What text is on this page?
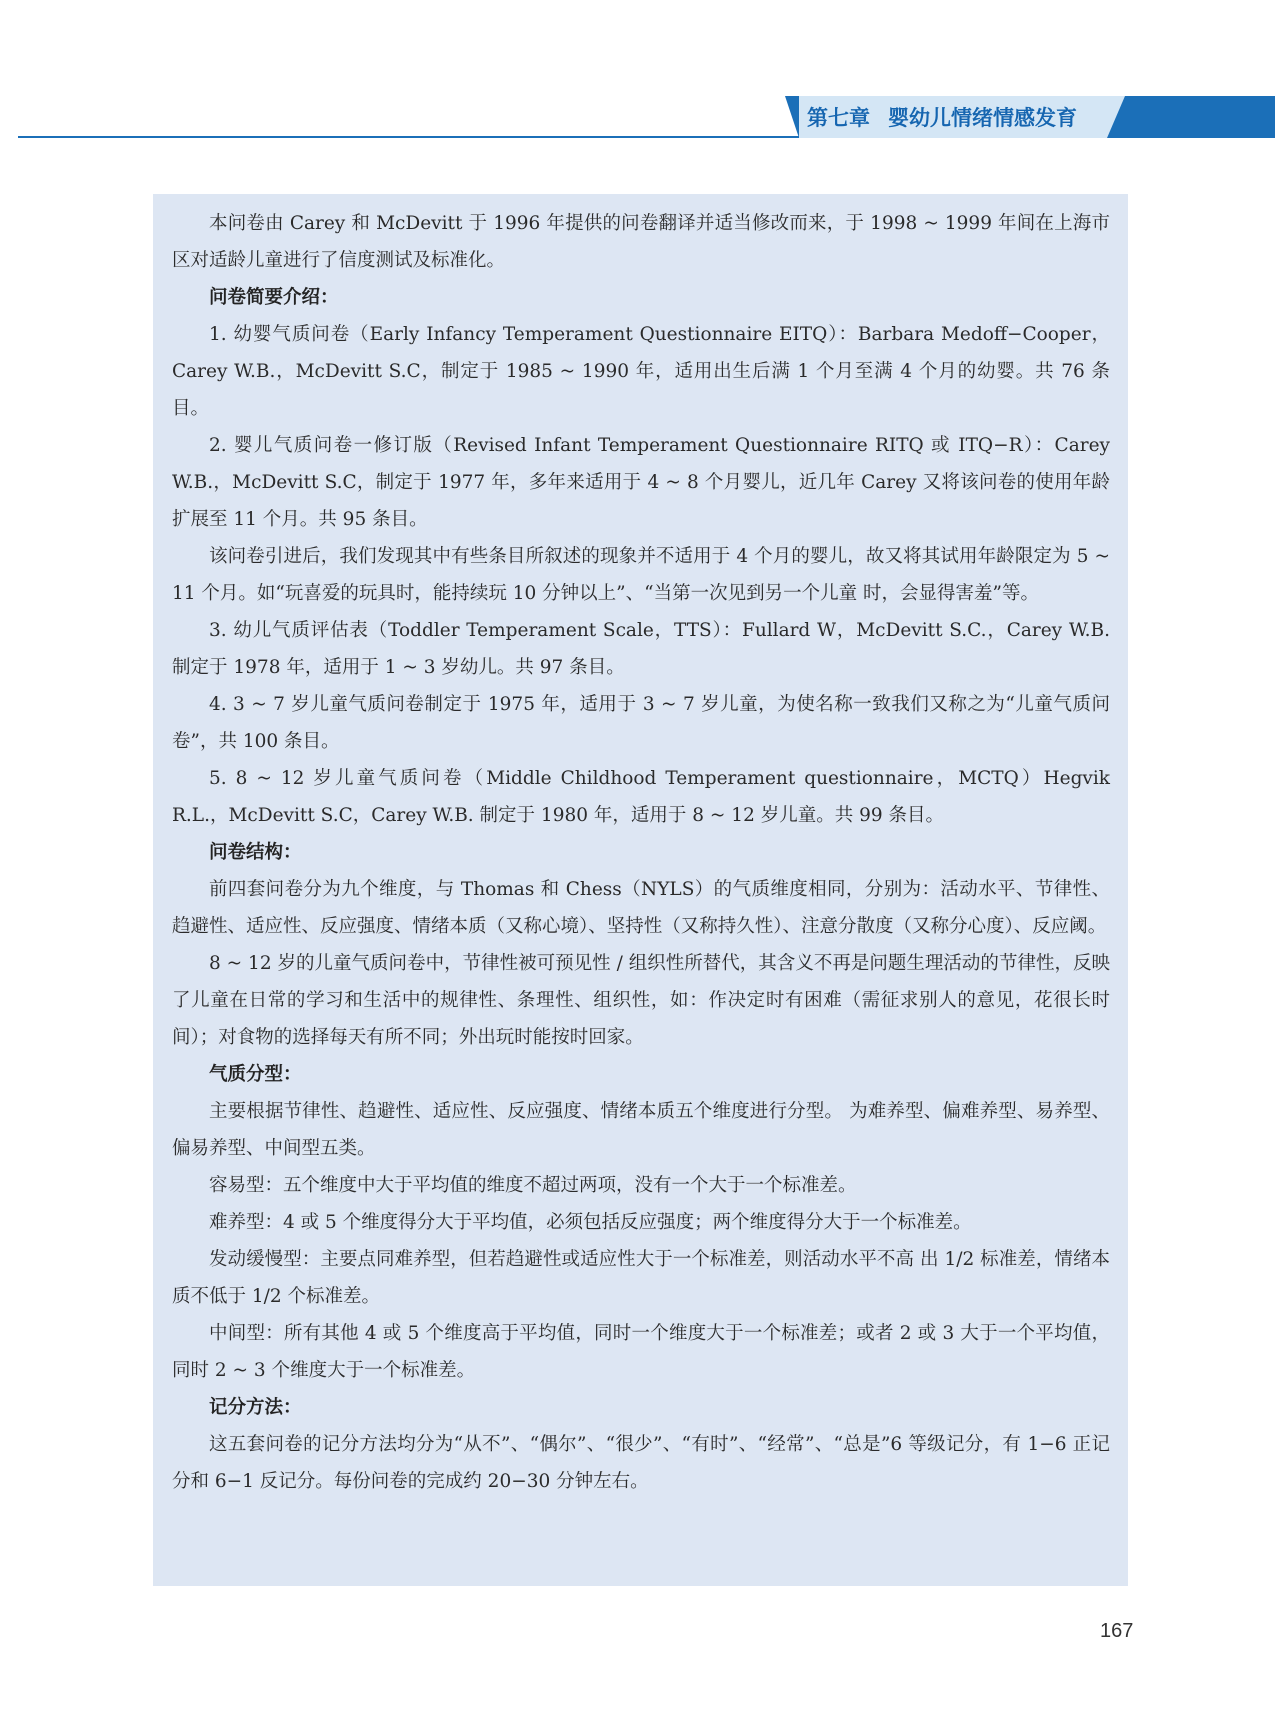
第七章 婴幼儿情绪情感发育

本问卷由 Carey 和 McDevitt 于 1996 年提供的问卷翻译并适当修改而来，于 1998 ~ 1999 年间在上海市区对适龄儿童进行了信度测试及标准化。

问卷简要介绍：

1. 幼婴气质问卷（Early Infancy Temperament Questionnaire EITQ）：Barbara Medoff−Cooper，Carey W.B.，McDevitt S.C，制定于 1985 ~ 1990 年，适用出生后满 1 个月至满 4 个月的幼婴。共 76 条目。

2. 婴儿气质问卷一修订版（Revised Infant Temperament Questionnaire RITQ 或 ITQ−R）：Carey W.B.，McDevitt S.C，制定于 1977 年，多年来适用于 4 ~ 8 个月婴儿，近几年 Carey 又将该问卷的使用年龄扩展至 11 个月。共 95 条目。

该问卷引进后，我们发现其中有些条目所叙述的现象并不适用于 4 个月的婴儿，故又将其试用年龄限定为 5 ~ 11 个月。如“玩喜爱的玩具时，能持续玩 10 分钟以上”、“当第一次见到另一个儿童 时，会显得害羞”等。

3. 幼儿气质评估表（Toddler Temperament Scale，TTS）：Fullard W，McDevitt S.C.，Carey W.B. 制定于 1978 年，适用于 1 ~ 3 岁幼儿。共 97 条目。

4. 3 ~ 7 岁儿童气质问卷制定于 1975 年，适用于 3 ~ 7 岁儿童，为使名称一致我们又称之为“儿童气质问卷”，共 100 条目。

5. 8 ~ 12 岁儿童气质问卷（Middle Childhood Temperament questionnaire，MCTQ）Hegvik R.L.，McDevitt S.C，Carey W.B. 制定于 1980 年，适用于 8 ~ 12 岁儿童。共 99 条目。

问卷结构：

前四套问卷分为九个维度，与 Thomas 和 Chess（NYLS）的气质维度相同，分别为：活动水平、节律性、趋避性、适应性、反应强度、情绪本质（又称心境）、坚持性（又称持久性）、注意分散度（又称分心度）、反应阈。

8 ~ 12 岁的儿童气质问卷中，节律性被可预见性 / 组织性所替代，其含义不再是问题生理活动的节律性，反映了儿童在日常的学习和生活中的规律性、条理性、组织性，如：作决定时有困难（需征求别人的意见，花很长时间）；对食物的选择每天有所不同；外出玩时能按时回家。

气质分型：

主要根据节律性、趋避性、适应性、反应强度、情绪本质五个维度进行分型。 为难养型、偏难养型、易养型、偏易养型、中间型五类。

容易型：五个维度中大于平均值的维度不超过两项，没有一个大于一个标准差。

难养型：4 或 5 个维度得分大于平均值，必须包括反应强度；两个维度得分大于一个标准差。

发动缓慢型：主要点同难养型，但若趋避性或适应性大于一个标准差，则活动水平不高 出 1/2 标准差，情绪本质不低于 1/2 个标准差。

中间型：所有其他 4 或 5 个维度高于平均值，同时一个维度大于一个标准差；或者 2 或 3 大于一个平均值，同时 2 ~ 3 个维度大于一个标准差。

记分方法：

这五套问卷的记分方法均分为“从不”、“偶尔”、“很少”、“有时”、“经常”、“总是”6 等级记分，有 1−6 正记分和 6−1 反记分。每份问卷的完成约 20−30 分钟左右。

167
